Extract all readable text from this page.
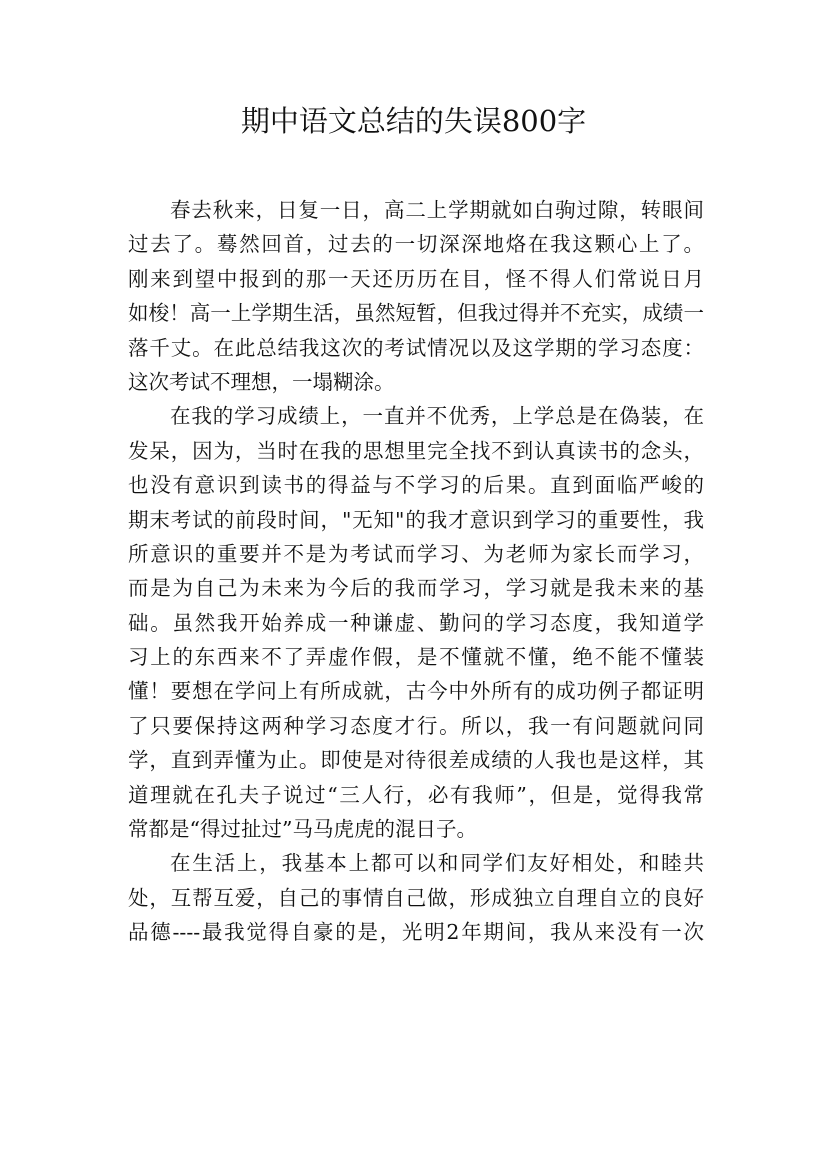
期中语文总结的失误800字
春去秋来，日复一日，高二上学期就如白驹过隙，转眼间
过去了。蓦然回首，过去的一切深深地烙在我这颗心上了。
刚来到望中报到的那一天还历历在目，怪不得人们常说日月
如梭！高一上学期生活，虽然短暂，但我过得并不充实，成绩一
落千丈。在此总结我这次的考试情况以及这学期的学习态度：
这次考试不理想，一塌糊涂。
在我的学习成绩上，一直并不优秀，上学总是在偽装，在
发呆，因为，当时在我的思想里完全找不到认真读书的念头，
也没有意识到读书的得益与不学习的后果。直到面临严峻的
期末考试的前段时间，"无知"的我才意识到学习的重要性，我
所意识的重要并不是为考试而学习、为老师为家长而学习，
而是为自己为未来为今后的我而学习，学习就是我未来的基
础。虽然我开始养成一种谦虚、勤问的学习态度，我知道学
习上的东西来不了弄虚作假，是不懂就不懂，绝不能不懂装
懂！要想在学问上有所成就，古今中外所有的成功例子都证明
了只要保持这两种学习态度才行。所以，我一有问题就问同
学，直到弄懂为止。即使是对待很差成绩的人我也是这样，其
道理就在孔夫子说过“三人行，必有我师”，但是，觉得我常
常都是“得过扯过”马马虎虎的混日子。
在生活上，我基本上都可以和同学们友好相处，和睦共
处，互帮互爱，自己的事情自己做，形成独立自理自立的良好
品德----最我觉得自豪的是，光明2年期间，我从来没有一次
